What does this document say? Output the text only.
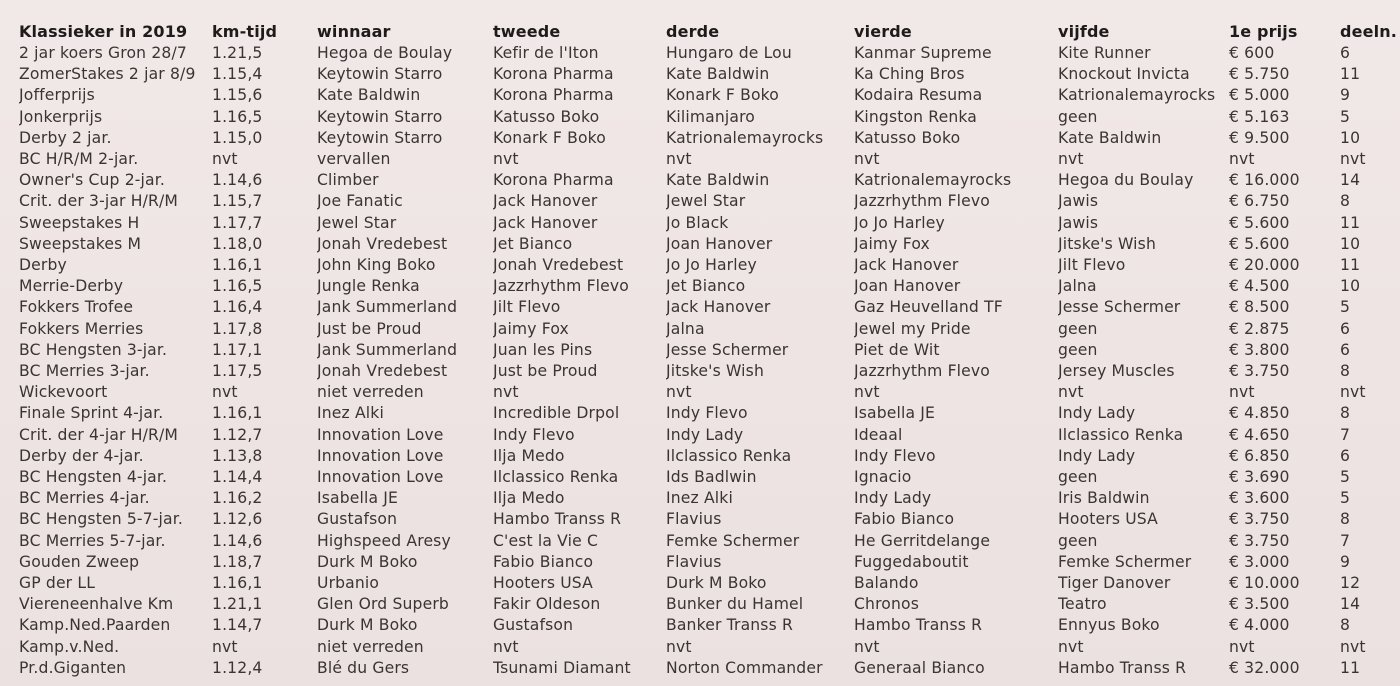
Klassieker in 2019	km-tijd	winnaar	tweede	derde	vierde	vijfde	1e prijs	deeln.
2 jar koers Gron 28/7	1.21,5	Hegoa de Boulay	Kefir de l'Iton	Hungaro de Lou	Kanmar Supreme	Kite Runner	€ 600	6
ZomerStakes 2 jar 8/9	1.15,4	Keytowin Starro	Korona Pharma	Kate Baldwin	Ka Ching Bros	Knockout Invicta	€ 5.750	11
Jofferprijs	1.15,6	Kate Baldwin	Korona Pharma	Konark F Boko	Kodaira Resuma	Katrionalemayrocks	€ 5.000	9
Jonkerprijs	1.16,5	Keytowin Starro	Katusso Boko	Kilimanjaro	Kingston Renka	geen	€ 5.163	5
Derby 2 jar.	1.15,0	Keytowin Starro	Konark F Boko	Katrionalemayrocks	Katusso Boko	Kate Baldwin	€ 9.500	10
BC H/R/M 2-jar.	nvt	vervallen	nvt	nvt	nvt	nvt	nvt	nvt
Owner's Cup 2-jar.	1.14,6	Climber	Korona Pharma	Kate Baldwin	Katrionalemayrocks	Hegoa du Boulay	€ 16.000	14
Crit. der 3-jar H/R/M	1.15,7	Joe Fanatic	Jack Hanover	Jewel Star	Jazzrhythm Flevo	Jawis	€ 6.750	8
Sweepstakes H	1.17,7	Jewel Star	Jack Hanover	Jo Black	Jo Jo Harley	Jawis	€ 5.600	11
Sweepstakes M	1.18,0	Jonah Vredebest	Jet Bianco	Joan Hanover	Jaimy Fox	Jitske's Wish	€ 5.600	10
Derby	1.16,1	John King Boko	Jonah Vredebest	Jo Jo Harley	Jack Hanover	Jilt Flevo	€ 20.000	11
Merrie-Derby	1.16,5	Jungle Renka	Jazzrhythm Flevo	Jet Bianco	Joan Hanover	Jalna	€ 4.500	10
Fokkers Trofee	1.16,4	Jank Summerland	Jilt Flevo	Jack Hanover	Gaz Heuvelland TF	Jesse Schermer	€ 8.500	5
Fokkers Merries	1.17,8	Just be Proud	Jaimy Fox	Jalna	Jewel my Pride	geen	€ 2.875	6
BC Hengsten 3-jar.	1.17,1	Jank Summerland	Juan les Pins	Jesse Schermer	Piet de Wit	geen	€ 3.800	6
BC Merries 3-jar.	1.17,5	Jonah Vredebest	Just be Proud	Jitske's Wish	Jazzrhythm Flevo	Jersey Muscles	€ 3.750	8
Wickevoort	nvt	niet verreden	nvt	nvt	nvt	nvt	nvt	nvt
Finale Sprint 4-jar.	1.16,1	Inez Alki	Incredible Drpol	Indy Flevo	Isabella JE	Indy Lady	€ 4.850	8
Crit. der 4-jar H/R/M	1.12,7	Innovation Love	Indy Flevo	Indy Lady	Ideaal	Ilclassico Renka	€ 4.650	7
Derby der 4-jar.	1.13,8	Innovation Love	Ilja Medo	Ilclassico Renka	Indy Flevo	Indy Lady	€ 6.850	6
BC Hengsten 4-jar.	1.14,4	Innovation Love	Ilclassico Renka	Ids Badlwin	Ignacio	geen	€ 3.690	5
BC Merries 4-jar.	1.16,2	Isabella JE	Ilja Medo	Inez Alki	Indy Lady	Iris Baldwin	€ 3.600	5
BC Hengsten 5-7-jar.	1.12,6	Gustafson	Hambo Transs R	Flavius	Fabio Bianco	Hooters USA	€ 3.750	8
BC Merries 5-7-jar.	1.14,6	Highspeed Aresy	C'est la Vie C	Femke Schermer	He Gerritdelange	geen	€ 3.750	7
Gouden Zweep	1.18,7	Durk M Boko	Fabio Bianco	Flavius	Fuggedaboutit	Femke Schermer	€ 3.000	9
GP der LL	1.16,1	Urbanio	Hooters USA	Durk M Boko	Balando	Tiger Danover	€ 10.000	12
Viereneenhalve Km	1.21,1	Glen Ord Superb	Fakir Oldeson	Bunker du Hamel	Chronos	Teatro	€ 3.500	14
Kamp.Ned.Paarden	1.14,7	Durk M Boko	Gustafson	Banker Transs R	Hambo Transs R	Ennyus Boko	€ 4.000	8
Kamp.v.Ned.	nvt	niet verreden	nvt	nvt	nvt	nvt	nvt	nvt
Pr.d.Giganten	1.12,4	Blé du Gers	Tsunami Diamant	Norton Commander	Generaal Bianco	Hambo Transs R	€ 32.000	11
